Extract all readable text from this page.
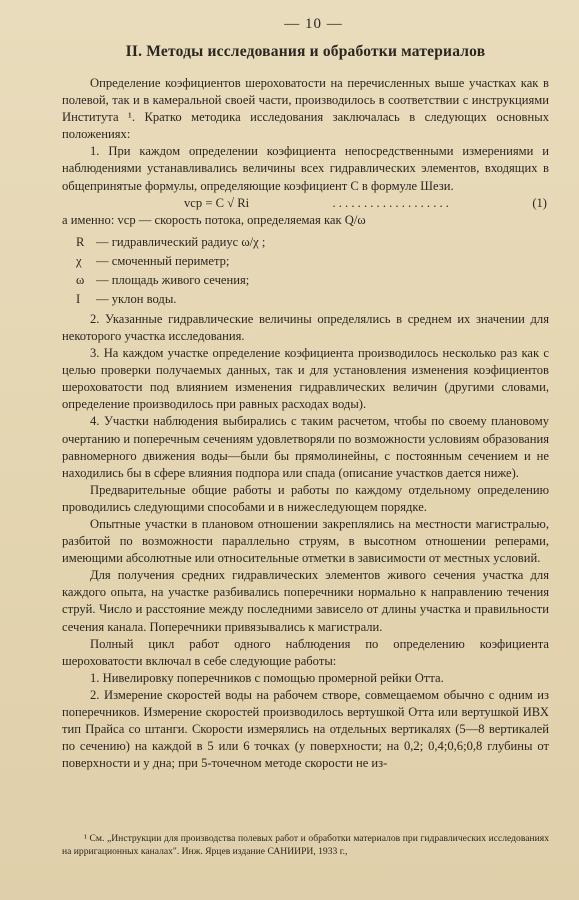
— 10 —
II. Методы исследования и обработки материалов

Определение коэфициентов шероховатости на перечисленных выше участках как в полевой, так и в камеральной своей части, производилось в соответствии с инструкциями Института ¹. Кратко методика исследования заключалась в следующих основных положениях:

1. При каждом определении коэфициента непосредственными измерениями и наблюдениями устанавливались величины всех гидравлических элементов, входящих в общепринятые формулы, определяющие коэфициент C в формуле Шези.

vср = C √ Ri	. . . . . . . . . . . . . . . . . . .	(1)

а именно: vср — скорость потока, определяемая как Q/ω

R — гидравлический радиус ω/χ ;
χ	— смоченный периметр;
ω — площадь живого сечения;
I	— уклон воды.

2. Указанные гидравлические величины определялись в среднем их значении для некоторого участка исследования.

3. На каждом участке определение коэфициента производилось несколько раз как с целью проверки получаемых данных, так и для установления изменения коэфициентов шероховатости под влиянием изменения гидравлических величин (другими словами, определение производилось при равных расходах воды).

4. Участки наблюдения выбирались с таким расчетом, чтобы по своему плановому очертанию и поперечным сечениям удовлетворяли по возможности условиям образования равномерного движения воды—были бы прямолинейны, с постоянным сечением и не находились бы в сфере влияния подпора или спада (описание участков дается ниже).

Предварительные общие работы и работы по каждому отдельному определению проводились следующими способами и в нижеследующем порядке.

Опытные участки в плановом отношении закреплялись на местности магистралью, разбитой по возможности параллельно струям, в высотном отношении реперами, имеющими абсолютные или относительные отметки в зависимости от местных условий.

Для получения средних гидравлических элементов живого сечения участка для каждого опыта, на участке разбивались поперечники нормально к направлению течения струй. Число и расстояние между последними зависело от длины участка и правильности сечения канала. Поперечники привязывались к магистрали.

Полный цикл работ одного наблюдения по определению коэфициента шероховатости включал в себе следующие работы:

1. Нивелировку поперечников с помощью промерной рейки Отта.

2. Измерение скоростей воды на рабочем створе, совмещаемом обычно с одним из поперечников. Измерение скоростей производилось вертушкой Отта или вертушкой ИВХ тип Прайса со штанги. Скорости измерялись на отдельных вертикалях (5—8 вертикалей по сечению) на каждой в 5 или 6 точках (у поверхности; на 0,2; 0,4;0,6;0,8 глубины от поверхности и у дна; при 5-точечном методе скорости не из-

¹ См. „Инструкции для производства полевых работ и обработки материалов при гидравлических исследованиях на ирригационных каналах". Инж. Ярцев издание САНИИРИ, 1933 г.,
